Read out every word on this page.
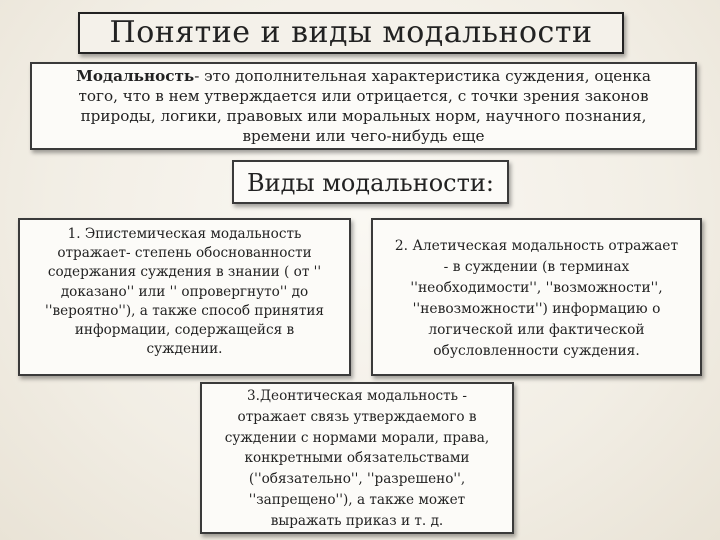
Понятие и виды модальности
Модальность- это дополнительная характеристика суждения, оценка
того, что в нем утверждается или отрицается, с точки зрения законов
природы, логики, правовых или моральных норм, научного познания,
времени или чего-нибудь еще
Виды модальности:
1. Эпистемическая модальность
отражает- степень обоснованности
содержания суждения в знании ( от ''
доказано'' или '' опровергнуто'' до
''вероятно''), а также способ принятия
информации, содержащейся в
суждении.
2. Алетическая модальность отражает
- в суждении (в терминах
''необходимости'', ''возможности'',
''невозможности'') информацию о
логической или фактической
обусловленности суждения.
3.Деонтическая модальность -
отражает связь утверждаемого в
суждении с нормами морали, права,
конкретными обязательствами
(''обязательно'', ''разрешено'',
''запрещено''), а также может
выражать приказ и т. д.
